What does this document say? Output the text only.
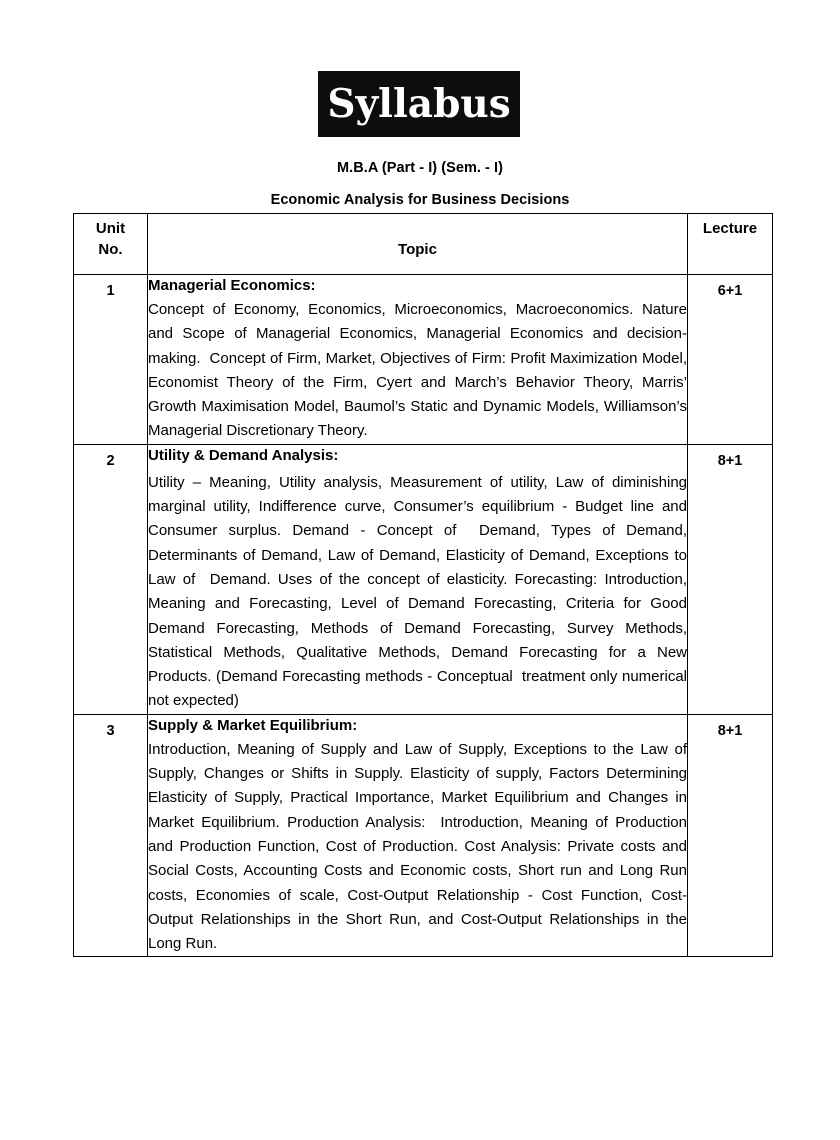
Syllabus
M.B.A (Part - I) (Sem. - I)
Economic Analysis for Business Decisions
Unit
No.	Topic	Lecture

1	Managerial Economics:
Concept of Economy, Economics, Microeconomics, Macroeconomics. Nature and Scope of Managerial Economics, Managerial Economics and decision-making.  Concept of Firm, Market, Objectives of Firm: Profit Maximization Model, Economist Theory of the Firm, Cyert and March’s Behavior Theory, Marris’ Growth Maximisation Model, Baumol’s Static and Dynamic Models, Williamson’s Managerial Discretionary Theory.	6+1

2	Utility & Demand Analysis:
Utility – Meaning, Utility analysis, Measurement of utility, Law of diminishing marginal utility, Indifference curve, Consumer’s equilibrium - Budget line and Consumer surplus. Demand - Concept of  Demand, Types of Demand, Determinants of Demand, Law of Demand, Elasticity of Demand, Exceptions to Law of  Demand. Uses of the concept of elasticity. Forecasting: Introduction, Meaning and Forecasting, Level of Demand Forecasting, Criteria for Good Demand Forecasting, Methods of Demand Forecasting, Survey Methods, Statistical Methods, Qualitative Methods, Demand Forecasting for a New Products. (Demand Forecasting methods - Conceptual  treatment only numerical not expected)	8+1

3	Supply & Market Equilibrium:
Introduction, Meaning of Supply and Law of Supply, Exceptions to the Law of Supply, Changes or Shifts in Supply. Elasticity of supply, Factors Determining Elasticity of Supply, Practical Importance, Market Equilibrium and Changes in Market Equilibrium. Production Analysis:  Introduction, Meaning of Production and Production Function, Cost of Production. Cost Analysis: Private costs and Social Costs, Accounting Costs and Economic costs, Short run and Long Run costs, Economies of scale, Cost-Output Relationship - Cost Function, Cost-Output Relationships in the Short Run, and Cost-Output Relationships in the Long Run.	8+1
